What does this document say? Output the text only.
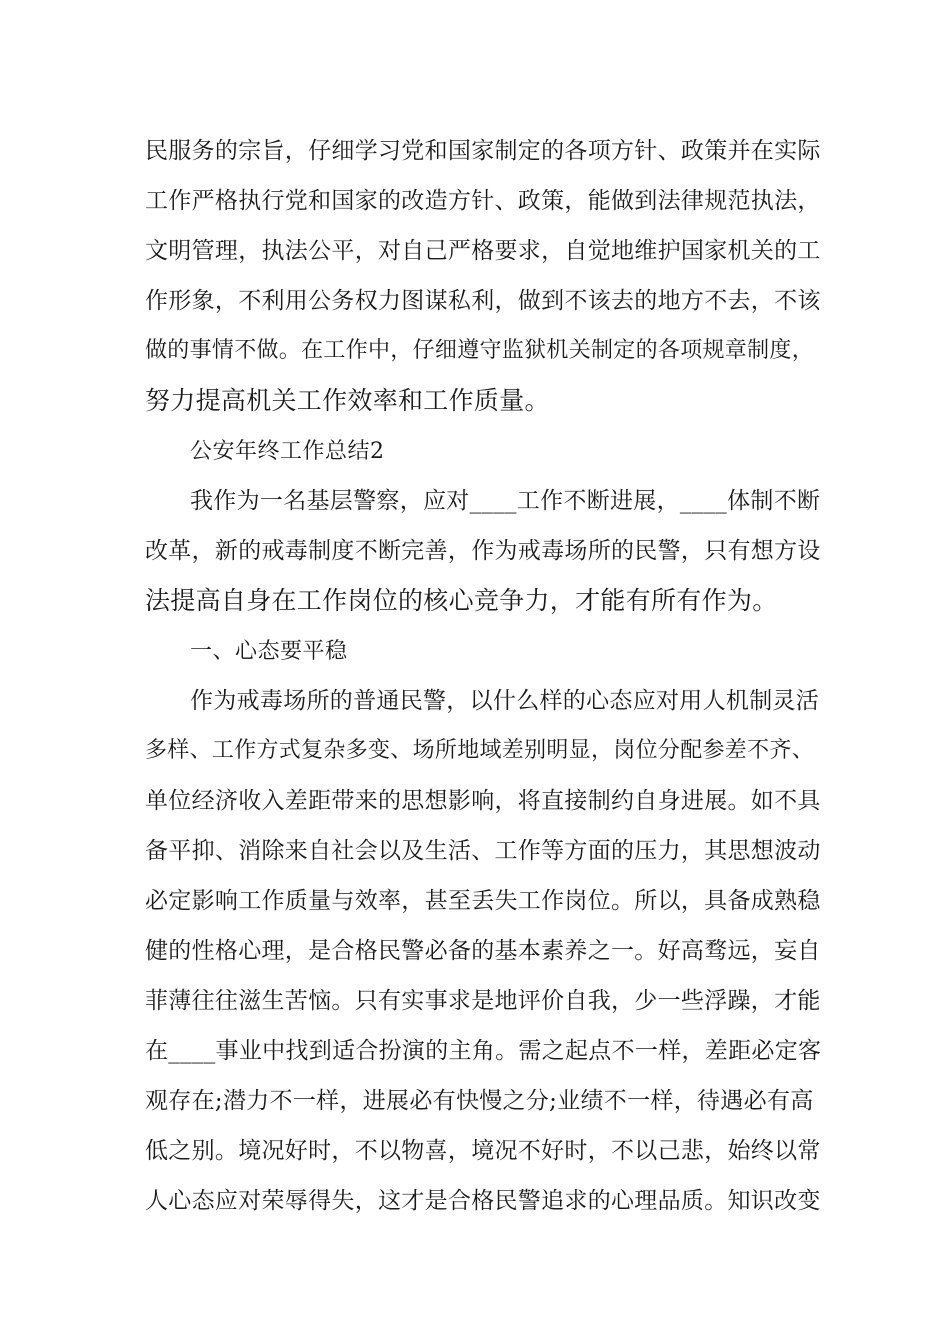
民服务的宗旨，仔细学习党和国家制定的各项方针、政策并在实际
工作严格执行党和国家的改造方针、政策，能做到法律规范执法，
文明管理，执法公平，对自己严格要求，自觉地维护国家机关的工
作形象，不利用公务权力图谋私利，做到不该去的地方不去，不该
做的事情不做。在工作中，仔细遵守监狱机关制定的各项规章制度，
努力提高机关工作效率和工作质量。
公安年终工作总结2
我作为一名基层警察，应对____工作不断进展，____体制不断
改革，新的戒毒制度不断完善，作为戒毒场所的民警，只有想方设
法提高自身在工作岗位的核心竞争力，才能有所有作为。
一、心态要平稳
作为戒毒场所的普通民警，以什么样的心态应对用人机制灵活
多样、工作方式复杂多变、场所地域差别明显，岗位分配参差不齐、
单位经济收入差距带来的思想影响，将直接制约自身进展。如不具
备平抑、消除来自社会以及生活、工作等方面的压力，其思想波动
必定影响工作质量与效率，甚至丢失工作岗位。所以，具备成熟稳
健的性格心理，是合格民警必备的基本素养之一。好高骛远，妄自
菲薄往往滋生苦恼。只有实事求是地评价自我，少一些浮躁，才能
在____事业中找到适合扮演的主角。需之起点不一样，差距必定客
观存在;潜力不一样，进展必有快慢之分;业绩不一样，待遇必有高
低之别。境况好时，不以物喜，境况不好时，不以己悲，始终以常
人心态应对荣辱得失，这才是合格民警追求的心理品质。知识改变
